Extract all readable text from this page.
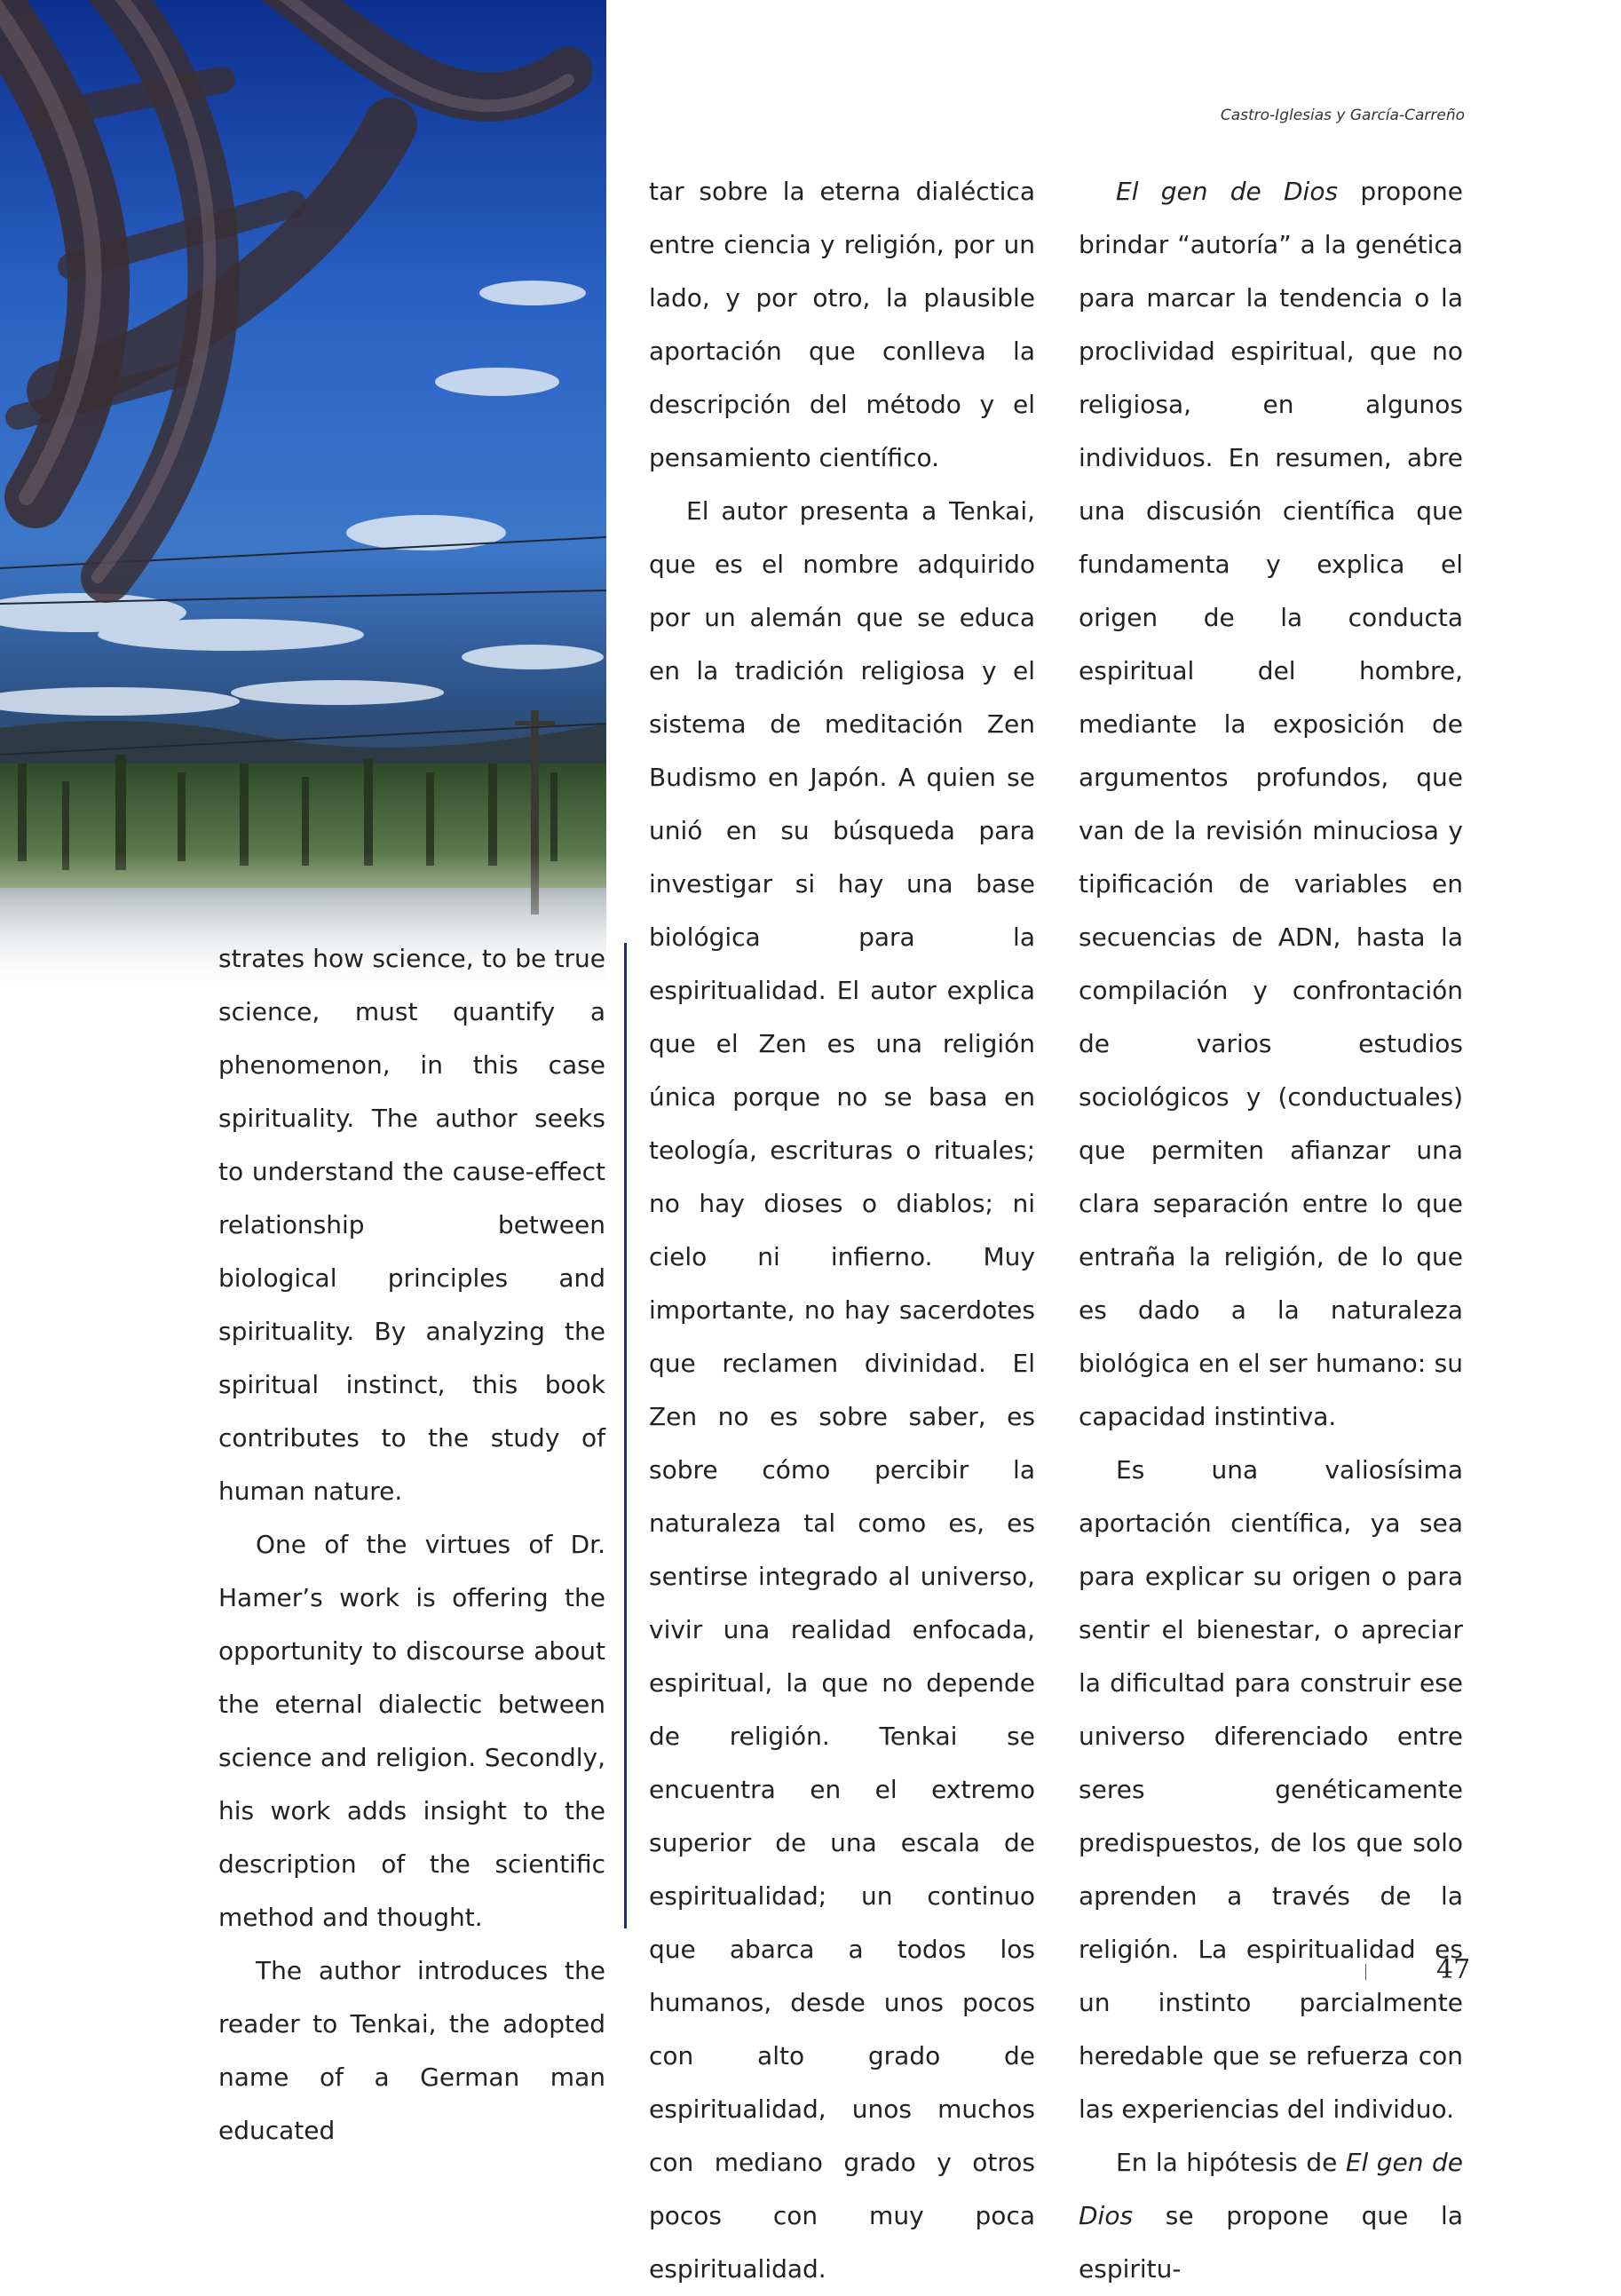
Castro-Iglesias y García-Carreño

strates how science, to be true science, must quantify a phenomenon, in this case spirituality. The author seeks to understand the cause-effect relationship between biological principles and spirituality. By analyzing the spiritual instinct, this book contributes to the study of human nature.

One of the virtues of Dr. Hamer’s work is offering the opportunity to discourse about the eternal dialectic between science and religion. Secondly, his work adds insight to the description of the scientific method and thought.

The author introduces the reader to Tenkai, the adopted name of a German man educated

tar sobre la eterna dialéctica entre ciencia y religión, por un lado, y por otro, la plausible aportación que conlleva la descripción del método y el pensamiento científico.

El autor presenta a Tenkai, que es el nombre adquirido por un alemán que se educa en la tradición religiosa y el sistema de meditación Zen Budismo en Japón. A quien se unió en su búsqueda para investigar si hay una base biológica para la espiritualidad. El autor explica que el Zen es una religión única porque no se basa en teología, escrituras o rituales; no hay dioses o diablos; ni cielo ni infierno. Muy importante, no hay sacerdotes que reclamen divinidad. El Zen no es sobre saber, es sobre cómo percibir la naturaleza tal como es, es sentirse integrado al universo, vivir una realidad enfocada, espiritual, la que no depende de religión. Tenkai se encuentra en el extremo superior de una escala de espiritualidad; un continuo que abarca a todos los humanos, desde unos pocos con alto grado de espiritualidad, unos muchos con mediano grado y otros pocos con muy poca espiritualidad.

El gen de Dios propone brindar “autoría” a la genética para marcar la tendencia o la proclividad espiritual, que no religiosa, en algunos individuos. En resumen, abre una discusión científica que fundamenta y explica el origen de la conducta espiritual del hombre, mediante la exposición de argumentos profundos, que van de la revisión minuciosa y tipificación de variables en secuencias de ADN, hasta la compilación y confrontación de varios estudios sociológicos y (conductuales) que permiten afianzar una clara separación entre lo que entraña la religión, de lo que es dado a la naturaleza biológica en el ser humano: su capacidad instintiva.

Es una valiosísima aportación científica, ya sea para explicar su origen o para sentir el bienestar, o apreciar la dificultad para construir ese universo diferenciado entre seres genéticamente predispuestos, de los que solo aprenden a través de la religión. La espiritualidad es un instinto parcialmente heredable que se refuerza con las experiencias del individuo.

En la hipótesis de El gen de Dios se propone que la espiritu-

47
